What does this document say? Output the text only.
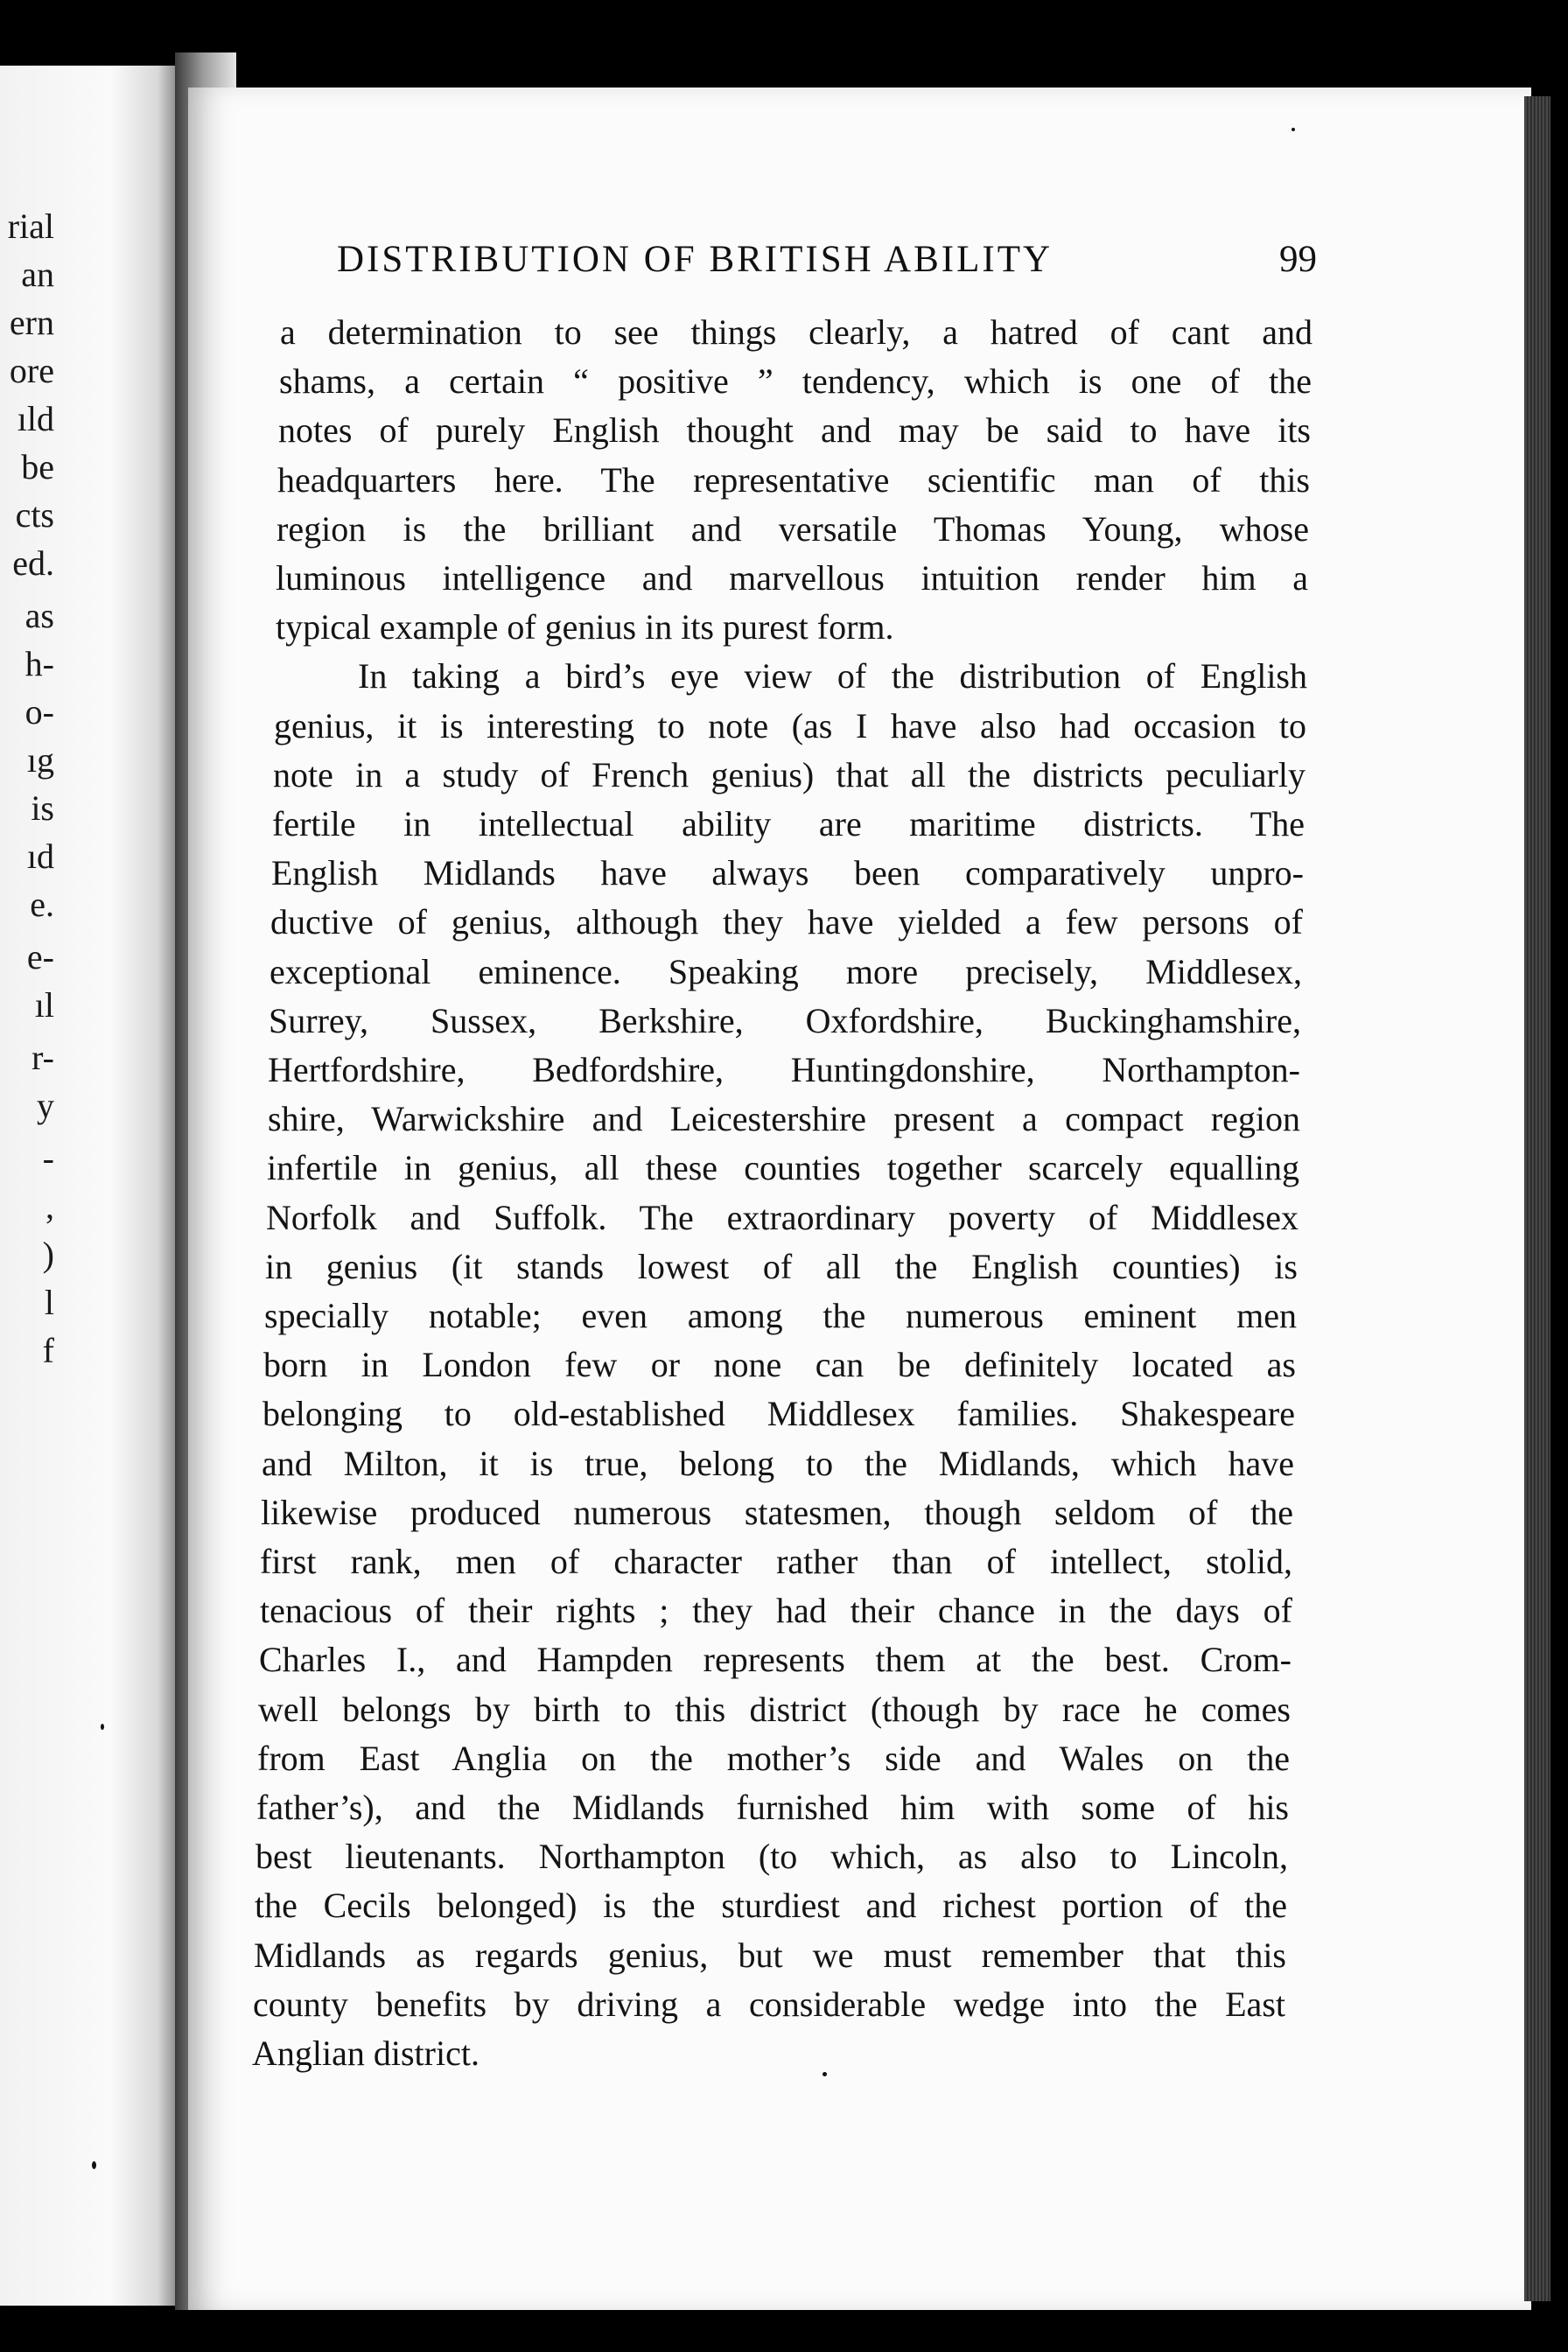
rial
an
ern
ore
ıld
be
cts
ed.
as
h-
o-
ıg
is
ıd
e.
e-
ıl
r-
y
-
,
)
l
f
DISTRIBUTION OF BRITISH ABILITY	99
a determination to see things clearly, a hatred of cant and
shams, a certain “ positive ” tendency, which is one of the
notes of purely English thought and may be said to have its
headquarters here. The representative scientific man of this
region is the brilliant and versatile Thomas Young, whose
luminous intelligence and marvellous intuition render him a
typical example of genius in its purest form.
In taking a bird’s eye view of the distribution of English
genius, it is interesting to note (as I have also had occasion to
note in a study of French genius) that all the districts peculiarly
fertile in intellectual ability are maritime districts. The
English Midlands have always been comparatively unpro-
ductive of genius, although they have yielded a few persons of
exceptional eminence. Speaking more precisely, Middlesex,
Surrey, Sussex, Berkshire, Oxfordshire, Buckinghamshire,
Hertfordshire, Bedfordshire, Huntingdonshire, Northampton-
shire, Warwickshire and Leicestershire present a compact region
infertile in genius, all these counties together scarcely equalling
Norfolk and Suffolk. The extraordinary poverty of Middlesex
in genius (it stands lowest of all the English counties) is
specially notable; even among the numerous eminent men
born in London few or none can be definitely located as
belonging to old-established Middlesex families. Shakespeare
and Milton, it is true, belong to the Midlands, which have
likewise produced numerous statesmen, though seldom of the
first rank, men of character rather than of intellect, stolid,
tenacious of their rights ; they had their chance in the days of
Charles I., and Hampden represents them at the best. Crom-
well belongs by birth to this district (though by race he comes
from East Anglia on the mother’s side and Wales on the
father’s), and the Midlands furnished him with some of his
best lieutenants. Northampton (to which, as also to Lincoln,
the Cecils belonged) is the sturdiest and richest portion of the
Midlands as regards genius, but we must remember that this
county benefits by driving a considerable wedge into the East
Anglian district.
